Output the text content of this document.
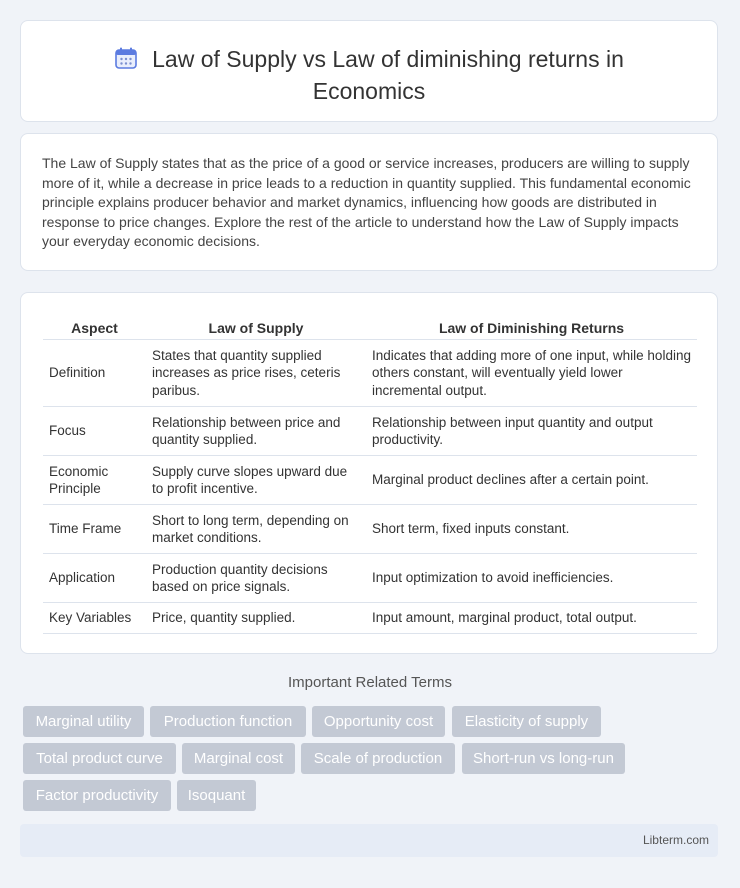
Law of Supply vs Law of diminishing returns in
Economics

The Law of Supply states that as the price of a good or service increases, producers are willing to supply more of it, while a decrease in price leads to a reduction in quantity supplied. This fundamental economic principle explains producer behavior and market dynamics, influencing how goods are distributed in response to price changes. Explore the rest of the article to understand how the Law of Supply impacts your everyday economic decisions.

Aspect	Law of Supply	Law of Diminishing Returns
Definition	States that quantity supplied increases as price rises, ceteris paribus.	Indicates that adding more of one input, while holding others constant, will eventually yield lower incremental output.
Focus	Relationship between price and quantity supplied.	Relationship between input quantity and output productivity.
Economic Principle	Supply curve slopes upward due to profit incentive.	Marginal product declines after a certain point.
Time Frame	Short to long term, depending on market conditions.	Short term, fixed inputs constant.
Application	Production quantity decisions based on price signals.	Input optimization to avoid inefficiencies.
Key Variables	Price, quantity supplied.	Input amount, marginal product, total output.
Important Related Terms
Marginal utility	Production function	Opportunity cost	Elasticity of supply
Total product curve	Marginal cost	Scale of production	Short-run vs long-run
Factor productivity	Isoquant
Libterm.com
